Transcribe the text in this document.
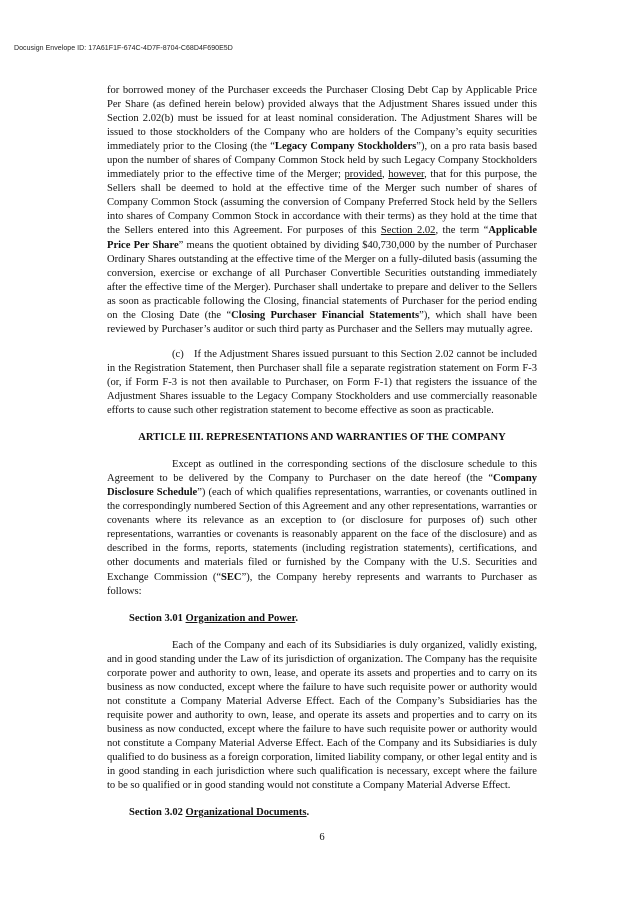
Docusign Envelope ID: 17A61F1F-674C-4D7F-8704-C68D4F690E5D

for borrowed money of the Purchaser exceeds the Purchaser Closing Debt Cap by Applicable Price Per Share (as defined herein below) provided always that the Adjustment Shares issued under this Section 2.02(b) must be issued for at least nominal consideration. The Adjustment Shares will be issued to those stockholders of the Company who are holders of the Company’s equity securities immediately prior to the Closing (the “Legacy Company Stockholders”), on a pro rata basis based upon the number of shares of Company Common Stock held by such Legacy Company Stockholders immediately prior to the effective time of the Merger; provided, however, that for this purpose, the Sellers shall be deemed to hold at the effective time of the Merger such number of shares of Company Common Stock (assuming the conversion of Company Preferred Stock held by the Sellers into shares of Company Common Stock in accordance with their terms) as they hold at the time that the Sellers entered into this Agreement. For purposes of this Section 2.02, the term “Applicable Price Per Share” means the quotient obtained by dividing $40,730,000 by the number of Purchaser Ordinary Shares outstanding at the effective time of the Merger on a fully-diluted basis (assuming the conversion, exercise or exchange of all Purchaser Convertible Securities outstanding immediately after the effective time of the Merger). Purchaser shall undertake to prepare and deliver to the Sellers as soon as practicable following the Closing, financial statements of Purchaser for the period ending on the Closing Date (the “Closing Purchaser Financial Statements”), which shall have been reviewed by Purchaser’s auditor or such third party as Purchaser and the Sellers may mutually agree.

(c) If the Adjustment Shares issued pursuant to this Section 2.02 cannot be included in the Registration Statement, then Purchaser shall file a separate registration statement on Form F-3 (or, if Form F-3 is not then available to Purchaser, on Form F-1) that registers the issuance of the Adjustment Shares issuable to the Legacy Company Stockholders and use commercially reasonable efforts to cause such other registration statement to become effective as soon as practicable.

ARTICLE III. REPRESENTATIONS AND WARRANTIES OF THE COMPANY

Except as outlined in the corresponding sections of the disclosure schedule to this Agreement to be delivered by the Company to Purchaser on the date hereof (the “Company Disclosure Schedule”) (each of which qualifies representations, warranties, or covenants outlined in the correspondingly numbered Section of this Agreement and any other representations, warranties or covenants where its relevance as an exception to (or disclosure for purposes of) such other representations, warranties or covenants is reasonably apparent on the face of the disclosure) and as described in the forms, reports, statements (including registration statements), certifications, and other documents and materials filed or furnished by the Company with the U.S. Securities and Exchange Commission (“SEC”), the Company hereby represents and warrants to Purchaser as follows:

Section 3.01 Organization and Power.

Each of the Company and each of its Subsidiaries is duly organized, validly existing, and in good standing under the Law of its jurisdiction of organization. The Company has the requisite corporate power and authority to own, lease, and operate its assets and properties and to carry on its business as now conducted, except where the failure to have such requisite power or authority would not constitute a Company Material Adverse Effect. Each of the Company’s Subsidiaries has the requisite power and authority to own, lease, and operate its assets and properties and to carry on its business as now conducted, except where the failure to have such requisite power or authority would not constitute a Company Material Adverse Effect. Each of the Company and its Subsidiaries is duly qualified to do business as a foreign corporation, limited liability company, or other legal entity and is in good standing in each jurisdiction where such qualification is necessary, except where the failure to be so qualified or in good standing would not constitute a Company Material Adverse Effect.

Section 3.02 Organizational Documents.

6
